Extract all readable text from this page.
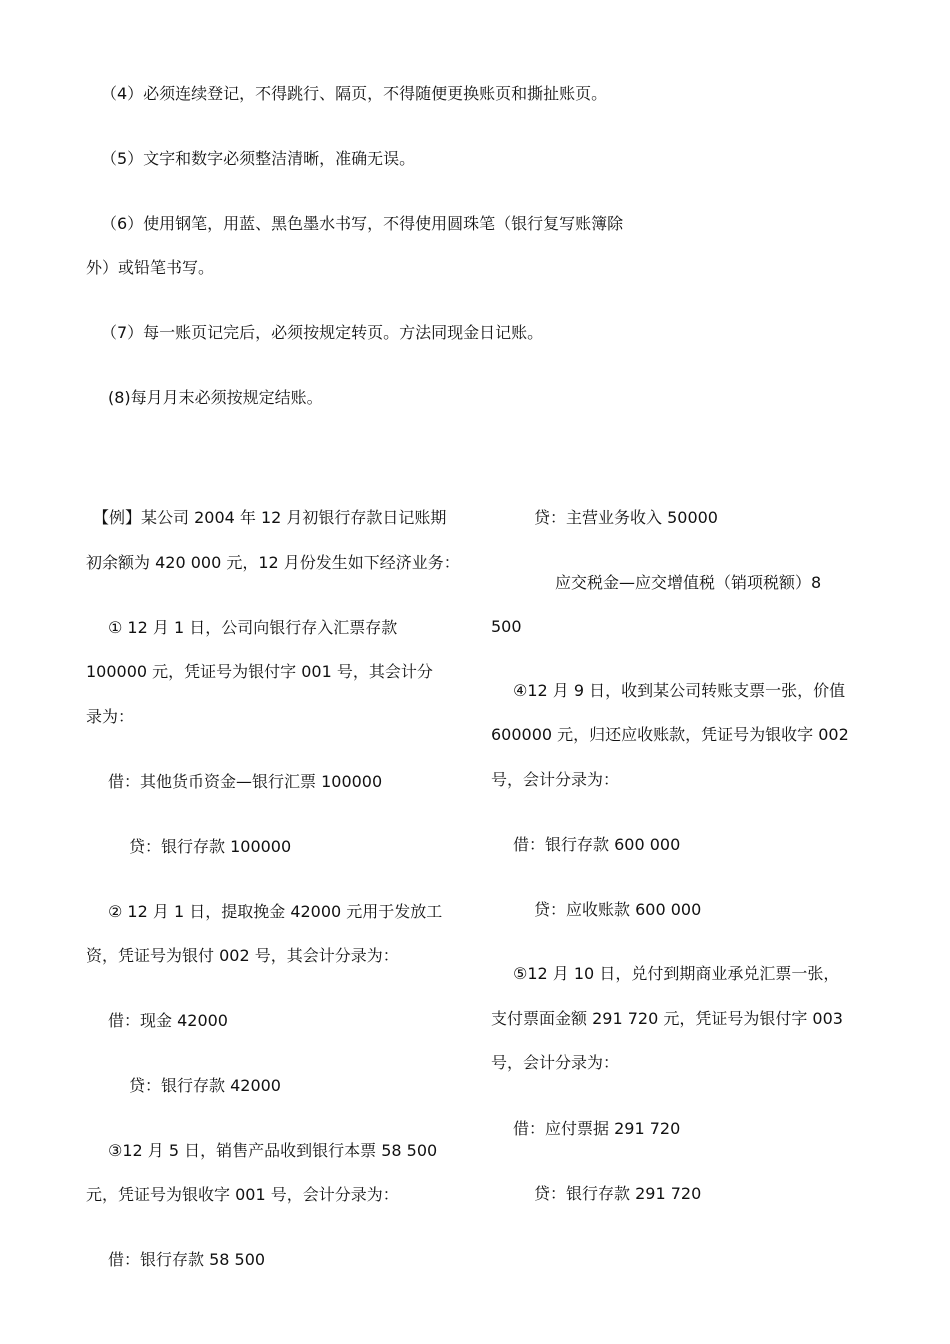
（4）必须连续登记，不得跳行、隔页，不得随便更换账页和撕扯账页。

（5）文字和数字必须整洁清晰，准确无误。

（6）使用钢笔，用蓝、黑色墨水书写，不得使用圆珠笔（银行复写账簿除

外）或铅笔书写。

（7）每一账页记完后，必须按规定转页。方法同现金日记账。

(8)每月月末必须按规定结账。

【例】某公司 2004 年 12 月初银行存款日记账期

初余额为 420 000 元，12 月份发生如下经济业务：

① 12 月 1 日，公司向银行存入汇票存款

100000 元，凭证号为银付字 001 号，其会计分

录为：

借：其他货币资金—银行汇票 100000

贷：银行存款 100000

② 12 月 1 日，提取挽金 42000 元用于发放工

资，凭证号为银付 002 号，其会计分录为：

借：现金 42000

贷：银行存款 42000

③12 月 5 日，销售产品收到银行本票 58 500

元，凭证号为银收字 001 号，会计分录为：

借：银行存款 58 500

贷：主营业务收入 50000

应交税金—应交增值税（销项税额）8

500

④12 月 9 日，收到某公司转账支票一张，价值

600000 元，归还应收账款，凭证号为银收字 002

号，会计分录为：

借：银行存款 600 000

贷：应收账款 600 000

⑤12 月 10 日，兑付到期商业承兑汇票一张，

支付票面金额 291 720 元，凭证号为银付字 003

号，会计分录为：

借：应付票据 291 720

贷：银行存款 291 720
